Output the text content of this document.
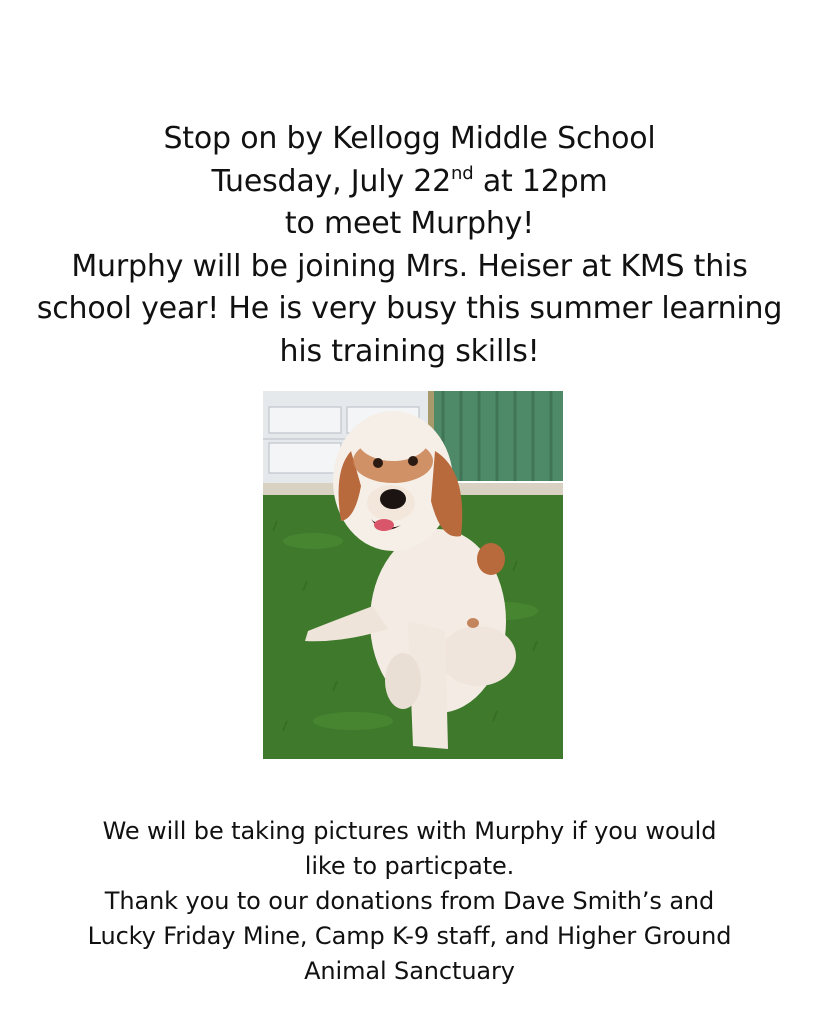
Stop on by Kellogg Middle School
Tuesday, July 22nd at 12pm
to meet Murphy!
Murphy will be joining Mrs. Heiser at KMS this
school year! He is very busy this summer learning
his training skills!
We will be taking pictures with Murphy if you would
like to particpate.
Thank you to our donations from Dave Smith’s and
Lucky Friday Mine, Camp K-9 staff, and Higher Ground
Animal Sanctuary
